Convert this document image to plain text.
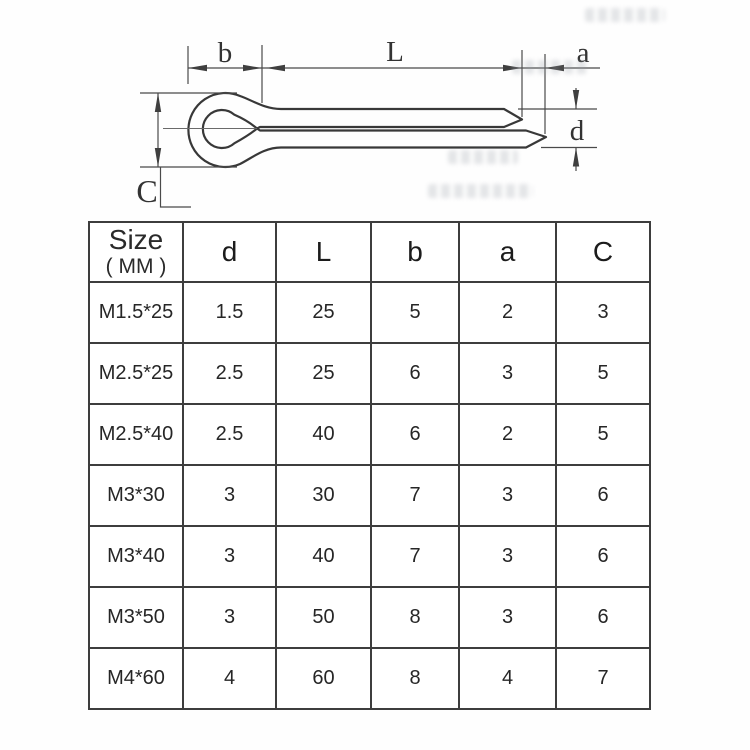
b	L	a
C
d
Size
( MM )	d	L	b	a	C
M1.5*25	1.5	25	5	2	3
M2.5*25	2.5	25	6	3	5
M2.5*40	2.5	40	6	2	5
M3*30	3	30	7	3	6
M3*40	3	40	7	3	6
M3*50	3	50	8	3	6
M4*60	4	60	8	4	7
